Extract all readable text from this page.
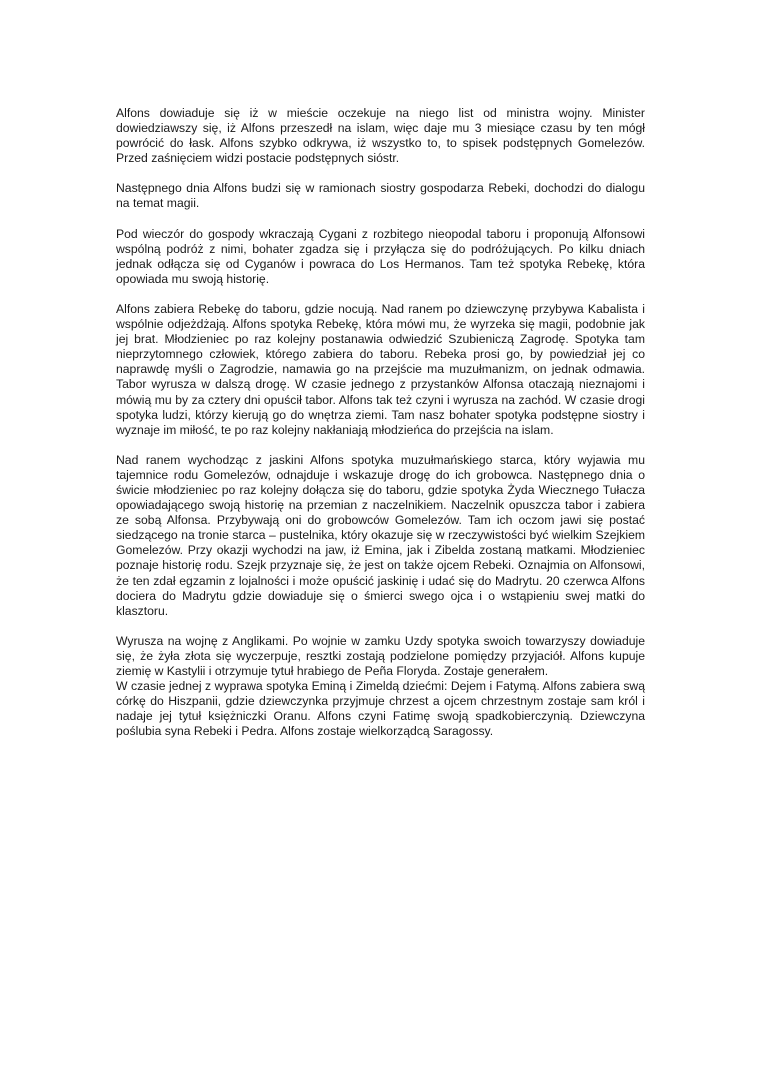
Alfons dowiaduje się iż w mieście oczekuje na niego list od ministra wojny. Minister dowiedziawszy się, iż Alfons przeszedł na islam, więc daje mu 3 miesiące czasu by ten mógł powrócić do łask. Alfons szybko odkrywa, iż wszystko to, to spisek podstępnych Gomelezów. Przed zaśnięciem widzi postacie podstępnych sióstr.

Następnego dnia Alfons budzi się w ramionach siostry gospodarza Rebeki, dochodzi do dialogu na temat magii.

Pod wieczór do gospody wkraczają Cygani z rozbitego nieopodal taboru i proponują Alfonsowi wspólną podróż z nimi, bohater zgadza się i przyłącza się do podróżujących. Po kilku dniach jednak odłącza się od Cyganów i powraca do Los Hermanos. Tam też spotyka Rebekę, która opowiada mu swoją historię.

Alfons zabiera Rebekę do taboru, gdzie nocują. Nad ranem po dziewczynę przybywa Kabalista i wspólnie odjeżdżają. Alfons spotyka Rebekę, która mówi mu, że wyrzeka się magii, podobnie jak jej brat. Młodzieniec po raz kolejny postanawia odwiedzić Szubieniczą Zagrodę. Spotyka tam nieprzytomnego człowiek, którego zabiera do taboru. Rebeka prosi go, by powiedział jej co naprawdę myśli o Zagrodzie, namawia go na przejście ma muzułmanizm, on jednak odmawia. Tabor wyrusza w dalszą drogę. W czasie jednego z przystanków Alfonsa otaczają nieznajomi i mówią mu by za cztery dni opuścił tabor. Alfons tak też czyni i wyrusza na zachód. W czasie drogi spotyka ludzi, którzy kierują go do wnętrza ziemi. Tam nasz bohater spotyka podstępne siostry i wyznaje im miłość, te po raz kolejny nakłaniają młodzieńca do przejścia na islam.

Nad ranem wychodząc z jaskini Alfons spotyka muzułmańskiego starca, który wyjawia mu tajemnice rodu Gomelezów, odnajduje i wskazuje drogę do ich grobowca. Następnego dnia o świcie młodzieniec po raz kolejny dołącza się do taboru, gdzie spotyka Żyda Wiecznego Tułacza opowiadającego swoją historię na przemian z naczelnikiem. Naczelnik opuszcza tabor i zabiera ze sobą Alfonsa. Przybywają oni do grobowców Gomelezów. Tam ich oczom jawi się postać siedzącego na tronie starca – pustelnika, który okazuje się w rzeczywistości być wielkim Szejkiem Gomelezów. Przy okazji wychodzi na jaw, iż Emina, jak i Zibelda zostaną matkami. Młodzieniec poznaje historię rodu. Szejk przyznaje się, że jest on także ojcem Rebeki. Oznajmia on Alfonsowi, że ten zdał egzamin z lojalności i może opuścić jaskinię i udać się do Madrytu. 20 czerwca Alfons dociera do Madrytu gdzie dowiaduje się o śmierci swego ojca i o wstąpieniu swej matki do klasztoru.

Wyrusza na wojnę z Anglikami. Po wojnie w zamku Uzdy spotyka swoich towarzyszy dowiaduje się, że żyła złota się wyczerpuje, resztki zostają podzielone pomiędzy przyjaciół. Alfons kupuje ziemię w Kastylii i otrzymuje tytuł hrabiego de Peña Floryda. Zostaje generałem.

W czasie jednej z wyprawa spotyka Eminą i Zimeldą dziećmi: Dejem i Fatymą. Alfons zabiera swą córkę do Hiszpanii, gdzie dziewczynka przyjmuje chrzest a ojcem chrzestnym zostaje sam król i nadaje jej tytuł księżniczki Oranu. Alfons czyni Fatimę swoją spadkobierczynią. Dziewczyna poślubia syna Rebeki i Pedra. Alfons zostaje wielkorządcą Saragossy.
